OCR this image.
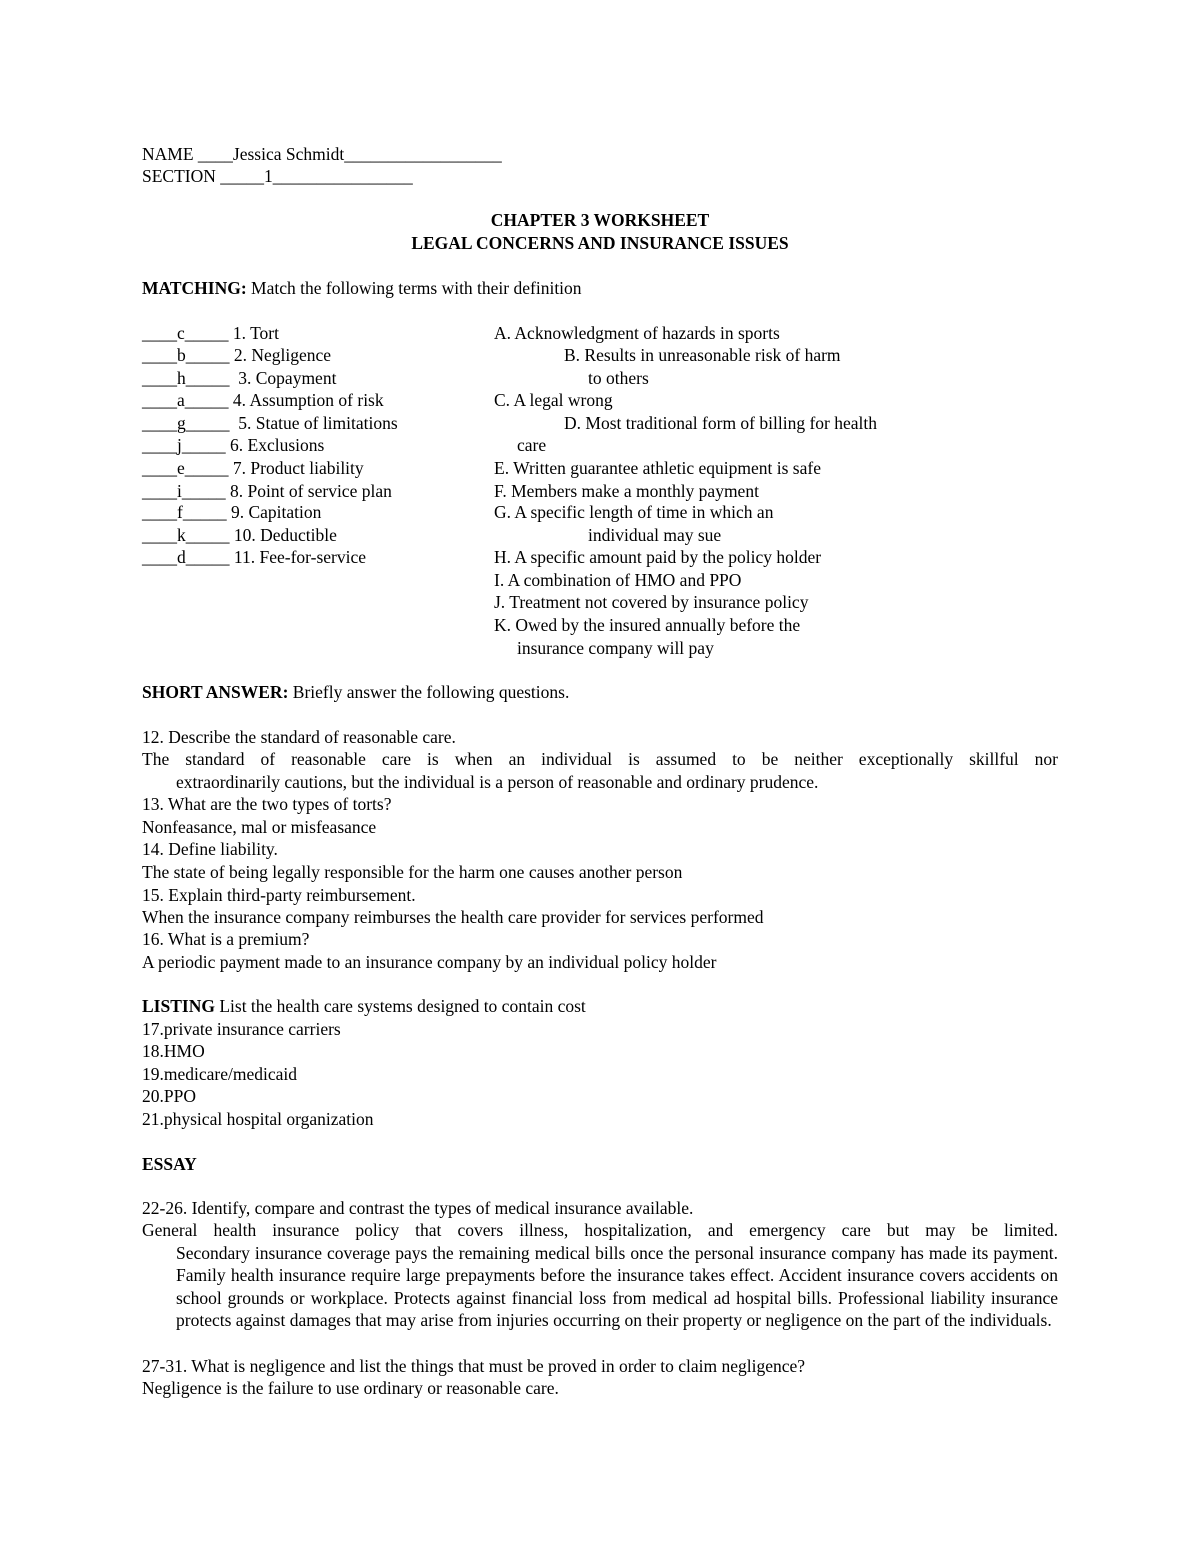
NAME ____Jessica Schmidt__________________
SECTION _____1________________
CHAPTER 3 WORKSHEET
LEGAL CONCERNS AND INSURANCE ISSUES
MATCHING: Match the following terms with their definition
____c_____ 1. Tort
____b_____ 2. Negligence
____h_____  3. Copayment
____a_____ 4. Assumption of risk
____g_____  5. Statue of limitations
____j_____ 6. Exclusions
____e_____ 7. Product liability
____i_____ 8. Point of service plan
____f_____ 9. Capitation
____k_____ 10. Deductible
____d_____ 11. Fee-for-service
A. Acknowledgment of hazards in sports
B. Results in unreasonable risk of harm
to others
C. A legal wrong
D. Most traditional form of billing for health
care
E. Written guarantee athletic equipment is safe
F. Members make a monthly payment
G. A specific length of time in which an
individual may sue
H. A specific amount paid by the policy holder
I. A combination of HMO and PPO
J. Treatment not covered by insurance policy
K. Owed by the insured annually before the
insurance company will pay
SHORT ANSWER: Briefly answer the following questions.
12. Describe the standard of reasonable care.
The standard of reasonable care is when an individual is assumed to be neither exceptionally skillful nor
extraordinarily cautions, but the individual is a person of reasonable and ordinary prudence.
13. What are the two types of torts?
Nonfeasance, mal or misfeasance
14. Define liability.
The state of being legally responsible for the harm one causes another person
15. Explain third-party reimbursement.
When the insurance company reimburses the health care provider for services performed
16. What is a premium?
A periodic payment made to an insurance company by an individual policy holder
LISTING List the health care systems designed to contain cost
17.private insurance carriers
18.HMO
19.medicare/medicaid
20.PPO
21.physical hospital organization
ESSAY
22-26. Identify, compare and contrast the types of medical insurance available.
General health insurance policy that covers illness, hospitalization, and emergency care but may be limited.
Secondary insurance coverage pays the remaining medical bills once the personal insurance company has made its payment. Family health insurance require large prepayments before the insurance takes effect. Accident insurance covers accidents on school grounds or workplace. Protects against financial loss from medical ad hospital bills. Professional liability insurance protects against damages that may arise from injuries occurring on their property or negligence on the part of the individuals.
27-31. What is negligence and list the things that must be proved in order to claim negligence?
Negligence is the failure to use ordinary or reasonable care.
